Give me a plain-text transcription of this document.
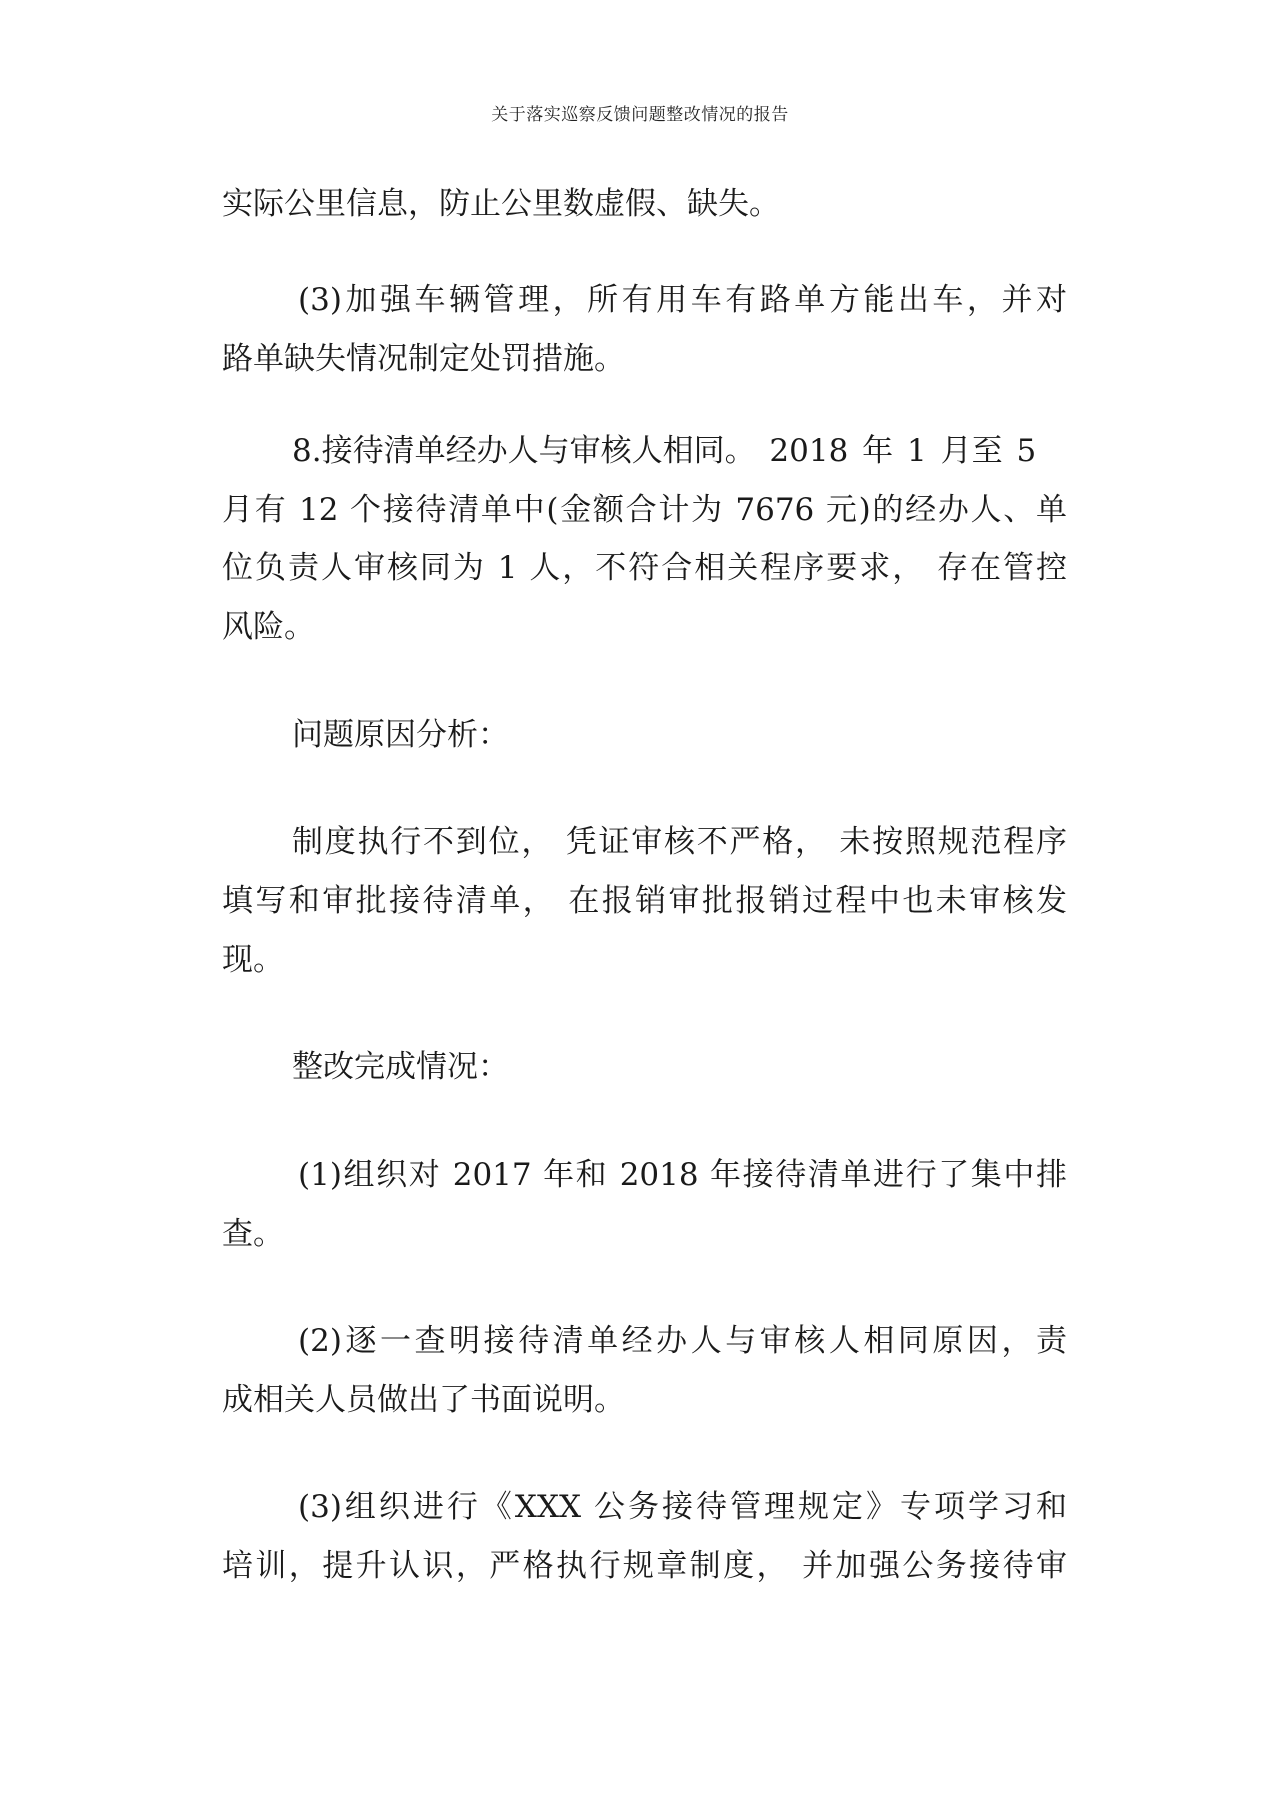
关于落实巡察反馈问题整改情况的报告
实际公里信息，防止公里数虚假、缺失。
(3)加强车辆管理，所有用车有路单方能出车，并对
路单缺失情况制定处罚措施。
8.接待清单经办人与审核人相同。 2018 年 1 月至 5
月有 12 个接待清单中(金额合计为 7676 元)的经办人、单
位负责人审核同为 1 人，不符合相关程序要求， 存在管控
风险。
问题原因分析：
制度执行不到位， 凭证审核不严格， 未按照规范程序
填写和审批接待清单， 在报销审批报销过程中也未审核发
现。
整改完成情况：
(1)组织对 2017 年和 2018 年接待清单进行了集中排
查。
(2)逐一查明接待清单经办人与审核人相同原因，责
成相关人员做出了书面说明。
(3)组织进行《XXX 公务接待管理规定》专项学习和
培训，提升认识，严格执行规章制度， 并加强公务接待审
